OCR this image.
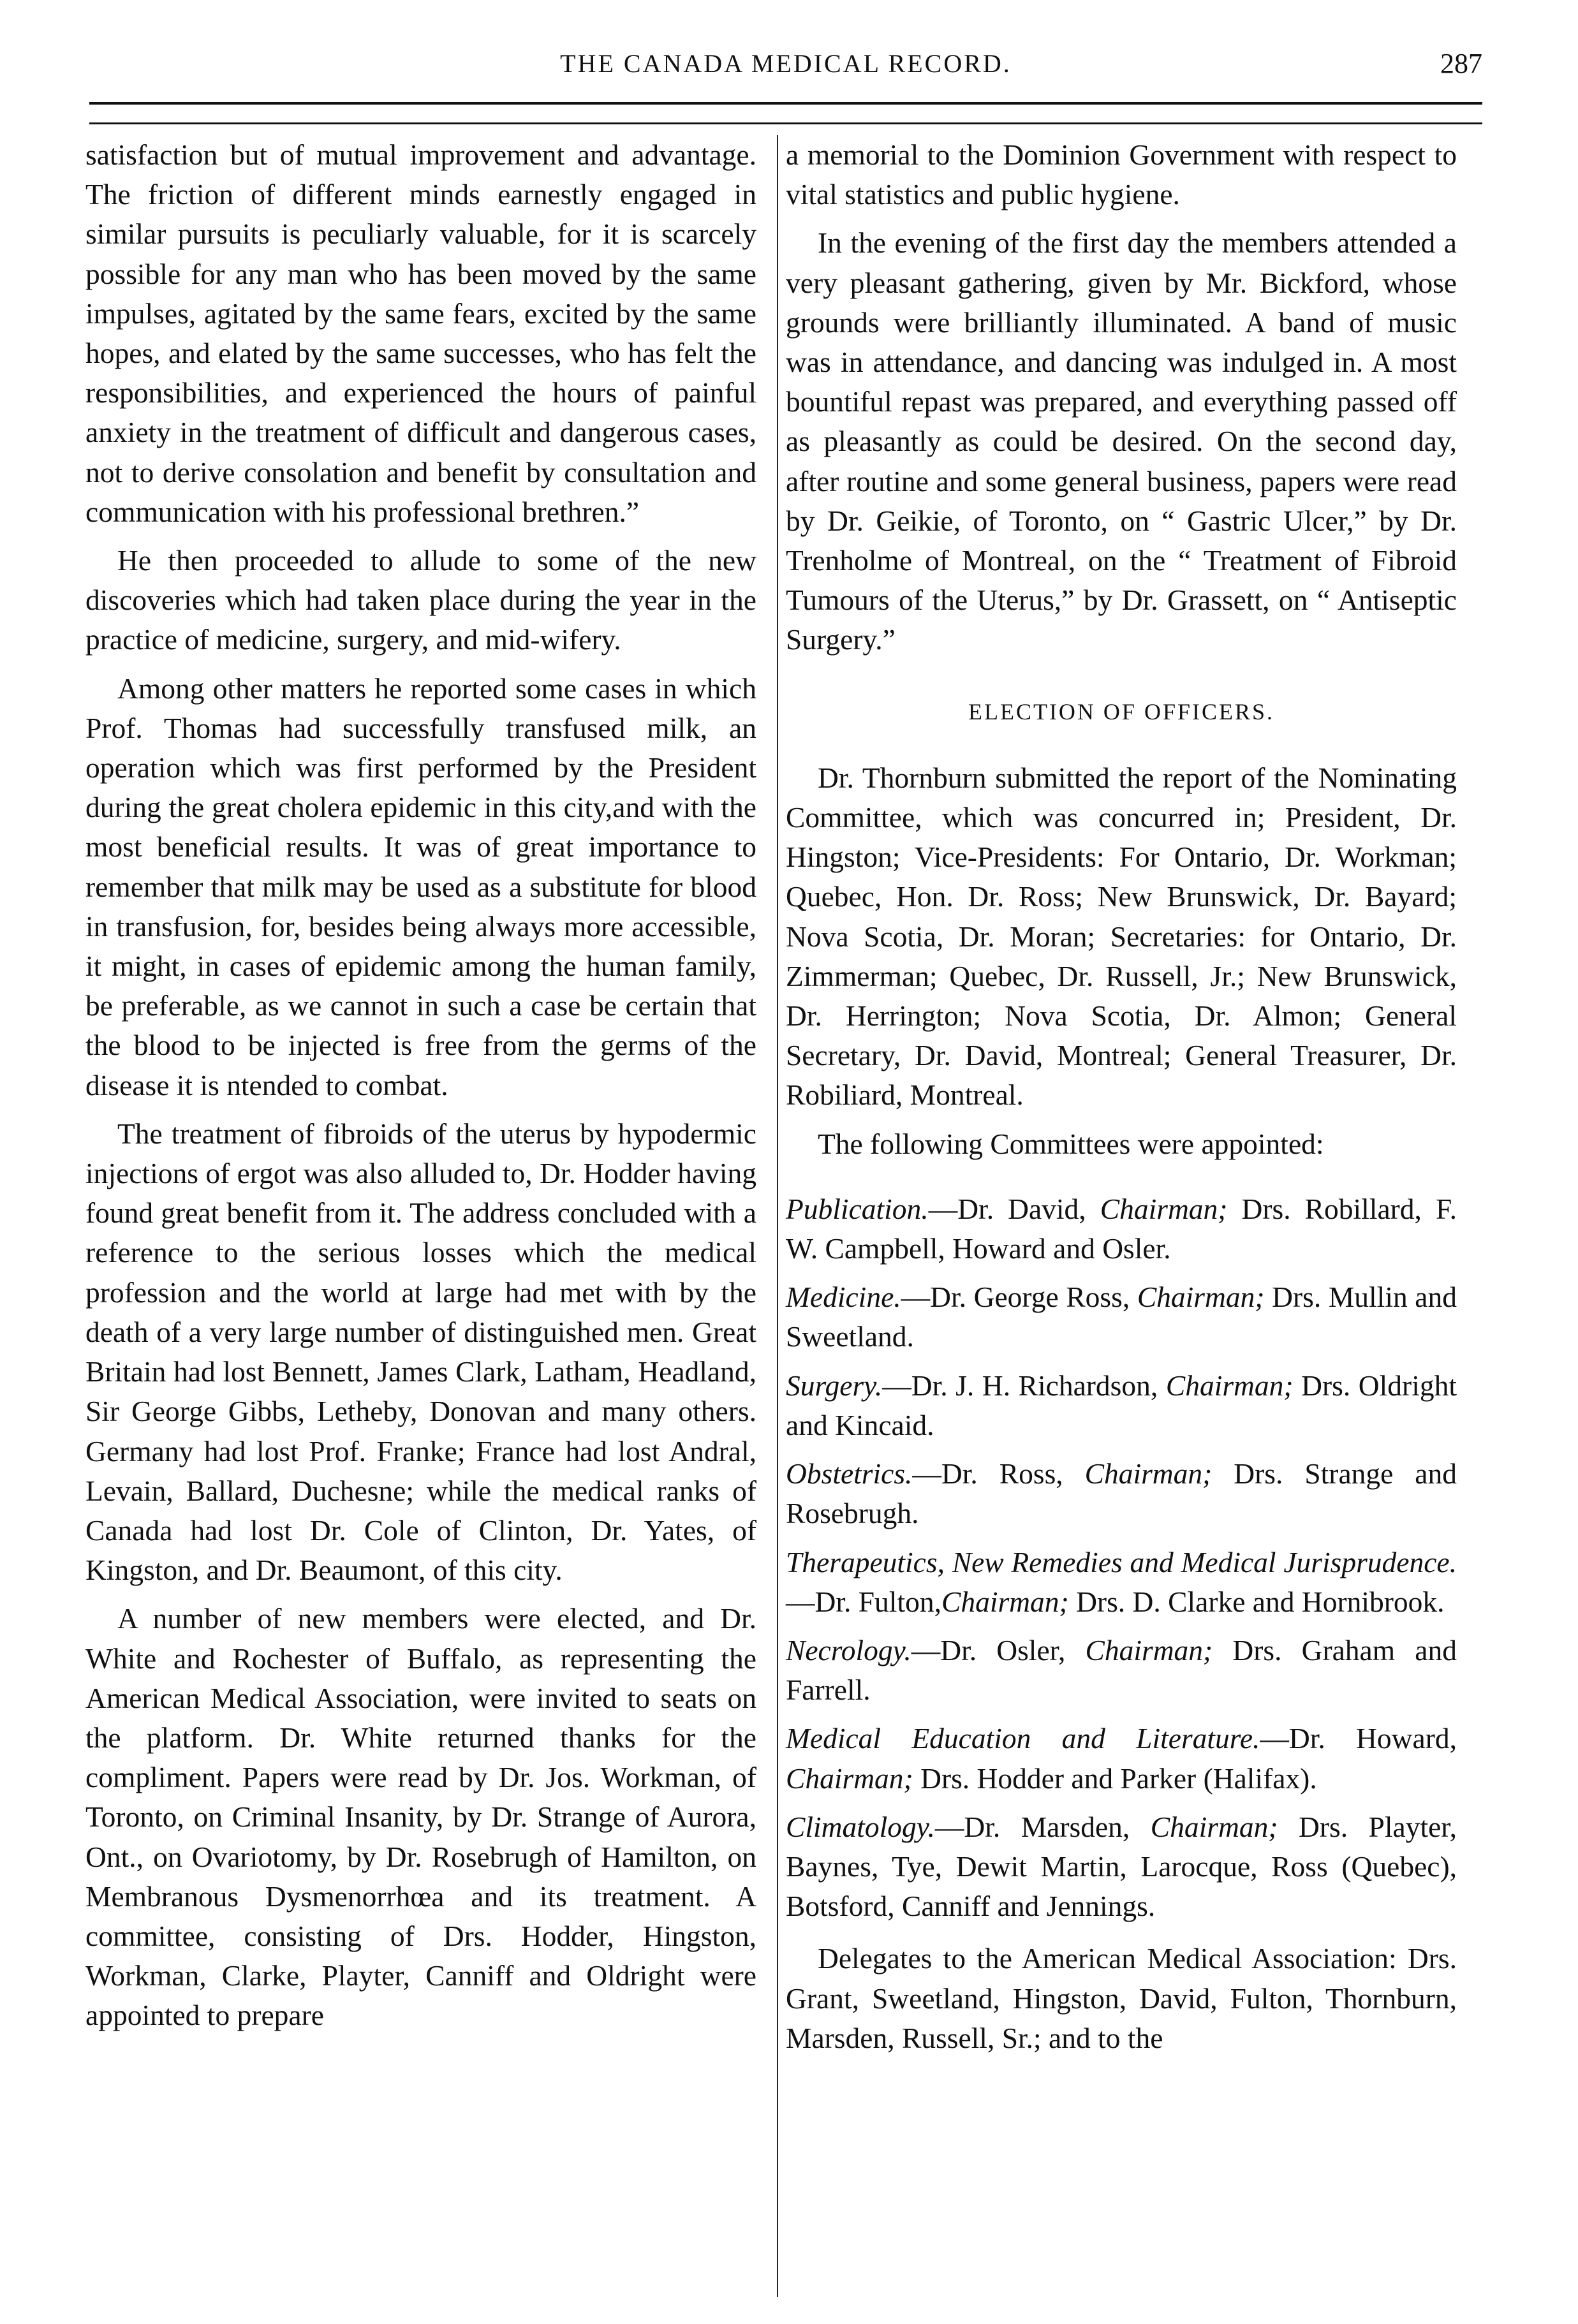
THE CANADA MEDICAL RECORD.	287

satisfaction but of mutual improvement and advantage. The friction of different minds earnestly engaged in similar pursuits is peculiarly valuable, for it is scarcely possible for any man who has been moved by the same impulses, agitated by the same fears, excited by the same hopes, and elated by the same successes, who has felt the responsibilities, and experienced the hours of painful anxiety in the treatment of difficult and dangerous cases, not to derive consolation and benefit by consultation and communication with his professional brethren.”

He then proceeded to allude to some of the new discoveries which had taken place during the year in the practice of medicine, surgery, and mid-wifery.

Among other matters he reported some cases in which Prof. Thomas had successfully transfused milk, an operation which was first performed by the President during the great cholera epidemic in this city,and with the most beneficial results. It was of great importance to remember that milk may be used as a substitute for blood in transfusion, for, besides being always more accessible, it might, in cases of epidemic among the human family, be preferable, as we cannot in such a case be certain that the blood to be injected is free from the germs of the disease it is ntended to combat.

The treatment of fibroids of the uterus by hypodermic injections of ergot was also alluded to, Dr. Hodder having found great benefit from it. The address concluded with a reference to the serious losses which the medical profession and the world at large had met with by the death of a very large number of distinguished men. Great Britain had lost Bennett, James Clark, Latham, Headland, Sir George Gibbs, Letheby, Donovan and many others. Germany had lost Prof. Franke; France had lost Andral, Levain, Ballard, Duchesne; while the medical ranks of Canada had lost Dr. Cole of Clinton, Dr. Yates, of Kingston, and Dr. Beaumont, of this city.

A number of new members were elected, and Dr. White and Rochester of Buffalo, as representing the American Medical Association, were invited to seats on the platform. Dr. White returned thanks for the compliment. Papers were read by Dr. Jos. Workman, of Toronto, on Criminal Insanity, by Dr. Strange of Aurora, Ont., on Ovariotomy, by Dr. Rosebrugh of Hamilton, on Membranous Dysmenorrhœa and its treatment. A committee, consisting of Drs. Hodder, Hingston, Workman, Clarke, Playter, Canniff and Oldright were appointed to prepare

a memorial to the Dominion Government with respect to vital statistics and public hygiene.

In the evening of the first day the members attended a very pleasant gathering, given by Mr. Bickford, whose grounds were brilliantly illuminated. A band of music was in attendance, and dancing was indulged in. A most bountiful repast was prepared, and everything passed off as pleasantly as could be desired. On the second day, after routine and some general business, papers were read by Dr. Geikie, of Toronto, on “ Gastric Ulcer,” by Dr. Trenholme of Montreal, on the “ Treatment of Fibroid Tumours of the Uterus,” by Dr. Grassett, on “ Antiseptic Surgery.”

ELECTION OF OFFICERS.

Dr. Thornburn submitted the report of the Nominating Committee, which was concurred in; President, Dr. Hingston; Vice-Presidents: For Ontario, Dr. Workman; Quebec, Hon. Dr. Ross; New Brunswick, Dr. Bayard; Nova Scotia, Dr. Moran; Secretaries: for Ontario, Dr. Zimmerman; Quebec, Dr. Russell, Jr.; New Brunswick, Dr. Herrington; Nova Scotia, Dr. Almon; General Secretary, Dr. David, Montreal; General Treasurer, Dr. Robiliard, Montreal.

The following Committees were appointed:

Publication.—Dr. David, Chairman; Drs. Robillard, F. W. Campbell, Howard and Osler.

Medicine.—Dr. George Ross, Chairman; Drs. Mullin and Sweetland.

Surgery.—Dr. J. H. Richardson, Chairman; Drs. Oldright and Kincaid.

Obstetrics.—Dr. Ross, Chairman; Drs. Strange and Rosebrugh.

Therapeutics, New Remedies and Medical Jurisprudence.—Dr. Fulton,Chairman; Drs. D. Clarke and Hornibrook.

Necrology.—Dr. Osler, Chairman; Drs. Graham and Farrell.

Medical Education and Literature.—Dr. Howard, Chairman; Drs. Hodder and Parker (Halifax).

Climatology.—Dr. Marsden, Chairman; Drs. Playter, Baynes, Tye, Dewit Martin, Larocque, Ross (Quebec), Botsford, Canniff and Jennings.

Delegates to the American Medical Association: Drs. Grant, Sweetland, Hingston, David, Fulton, Thornburn, Marsden, Russell, Sr.; and to the
